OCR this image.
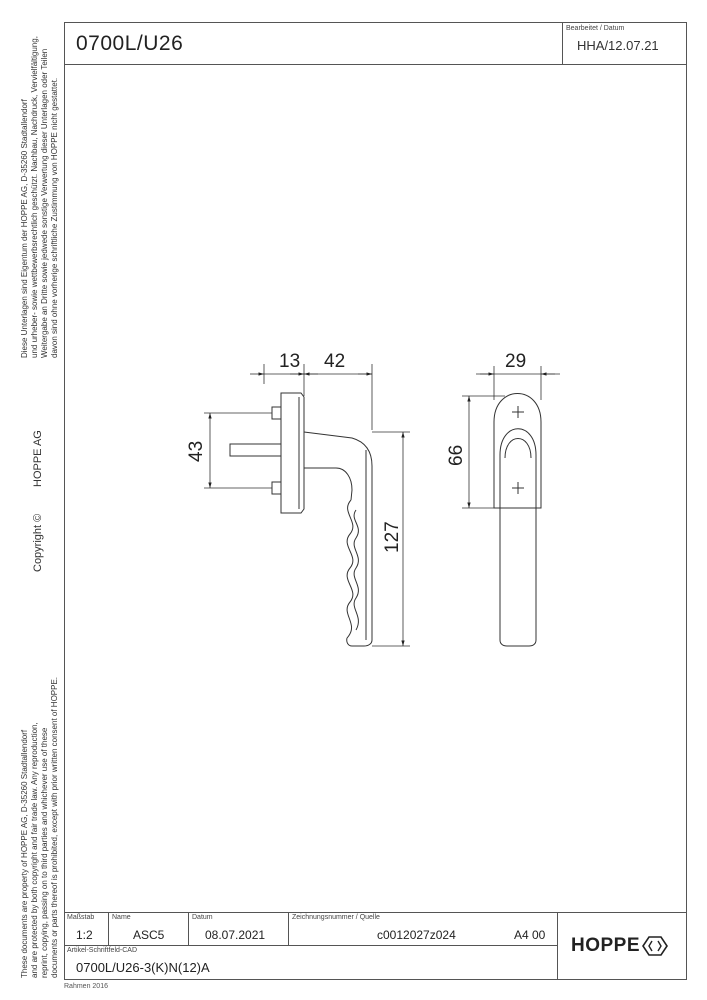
0700L/U26
Bearbeitet / Datum
HHA/12.07.21
Diese Unterlagen sind Eigentum der HOPPE AG, D-35260 Stadtallendorf und urheber- sowie wettbewerbsrechtlich geschützt. Nachbau, Nachdruck, Vervielfältigung, Weitergabe an Dritte sowie jedwede sonstige Verwertung dieser Unterlagen oder Teilen davon sind ohne vorherige schriftliche Zustimmung von HOPPE nicht gestattet.
HOPPE AG
Copyright ©
These documents are property of HOPPE AG, D-35260 Stadtallendorf and are protected by both copyright and fair trade law. Any reproduction, reprint, copying, passing on to third parties and whichever use of these documents or parts thereof is prohibited, except with prior written consent of HOPPE.
13 42	29
43
127
66
Maßstab
1:2
Name
ASC5
Datum
08.07.2021
Zeichnungsnummer / Quelle
c0012027z024	A4 00
Artikel-Schriftfeld-CAD
0700L/U26-3(K)N(12)A
HOPPE
Rahmen 2016
